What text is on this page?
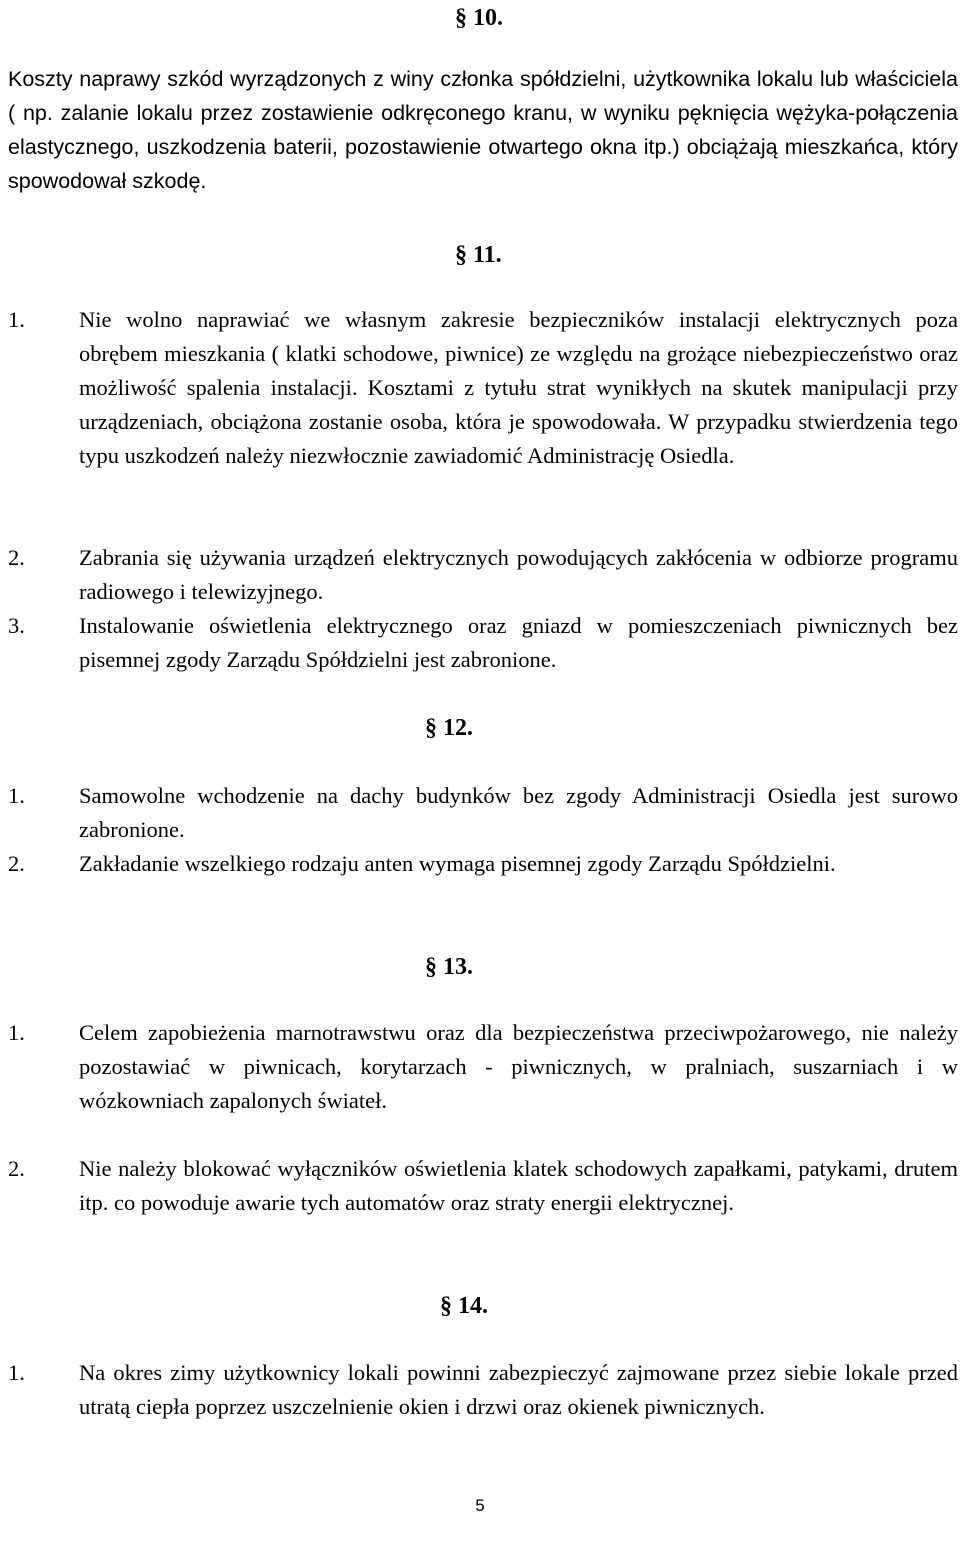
§ 10.
Koszty naprawy szkód wyrządzonych z winy członka spółdzielni, użytkownika lokalu lub właściciela ( np. zalanie lokalu przez zostawienie odkręconego kranu, w wyniku pęknięcia wężyka-połączenia elastycznego, uszkodzenia baterii, pozostawienie otwartego okna itp.) obciążają mieszkańca, który spowodował szkodę.
§ 11.
1.	Nie wolno naprawiać we własnym zakresie bezpieczników instalacji elektrycznych poza obrębem mieszkania ( klatki schodowe, piwnice) ze względu na grożące niebezpieczeństwo oraz możliwość spalenia instalacji. Kosztami z tytułu strat wynikłych na skutek manipulacji przy urządzeniach, obciążona zostanie osoba, która je spowodowała. W przypadku stwierdzenia tego typu uszkodzeń należy niezwłocznie zawiadomić Administrację Osiedla.
2.	Zabrania się używania urządzeń elektrycznych powodujących zakłócenia w odbiorze programu radiowego i telewizyjnego.
3.	Instalowanie oświetlenia elektrycznego oraz gniazd w pomieszczeniach piwnicznych bez pisemnej zgody Zarządu Spółdzielni jest zabronione.
§ 12.
1.	Samowolne wchodzenie na dachy budynków bez zgody Administracji Osiedla jest surowo zabronione.
2.	Zakładanie wszelkiego rodzaju anten wymaga pisemnej zgody Zarządu Spółdzielni.
§ 13.
1.	Celem zapobieżenia marnotrawstwu oraz dla bezpieczeństwa przeciwpożarowego, nie należy pozostawiać w piwnicach, korytarzach - piwnicznych, w pralniach, suszarniach i w wózkowniach zapalonych świateł.
2.	Nie należy blokować wyłączników oświetlenia klatek schodowych zapałkami, patykami, drutem itp. co powoduje awarie tych automatów oraz straty energii elektrycznej.
§ 14.
1.	Na okres zimy użytkownicy lokali powinni zabezpieczyć zajmowane przez siebie lokale przed utratą ciepła poprzez uszczelnienie okien i drzwi oraz okienek piwnicznych.
5
